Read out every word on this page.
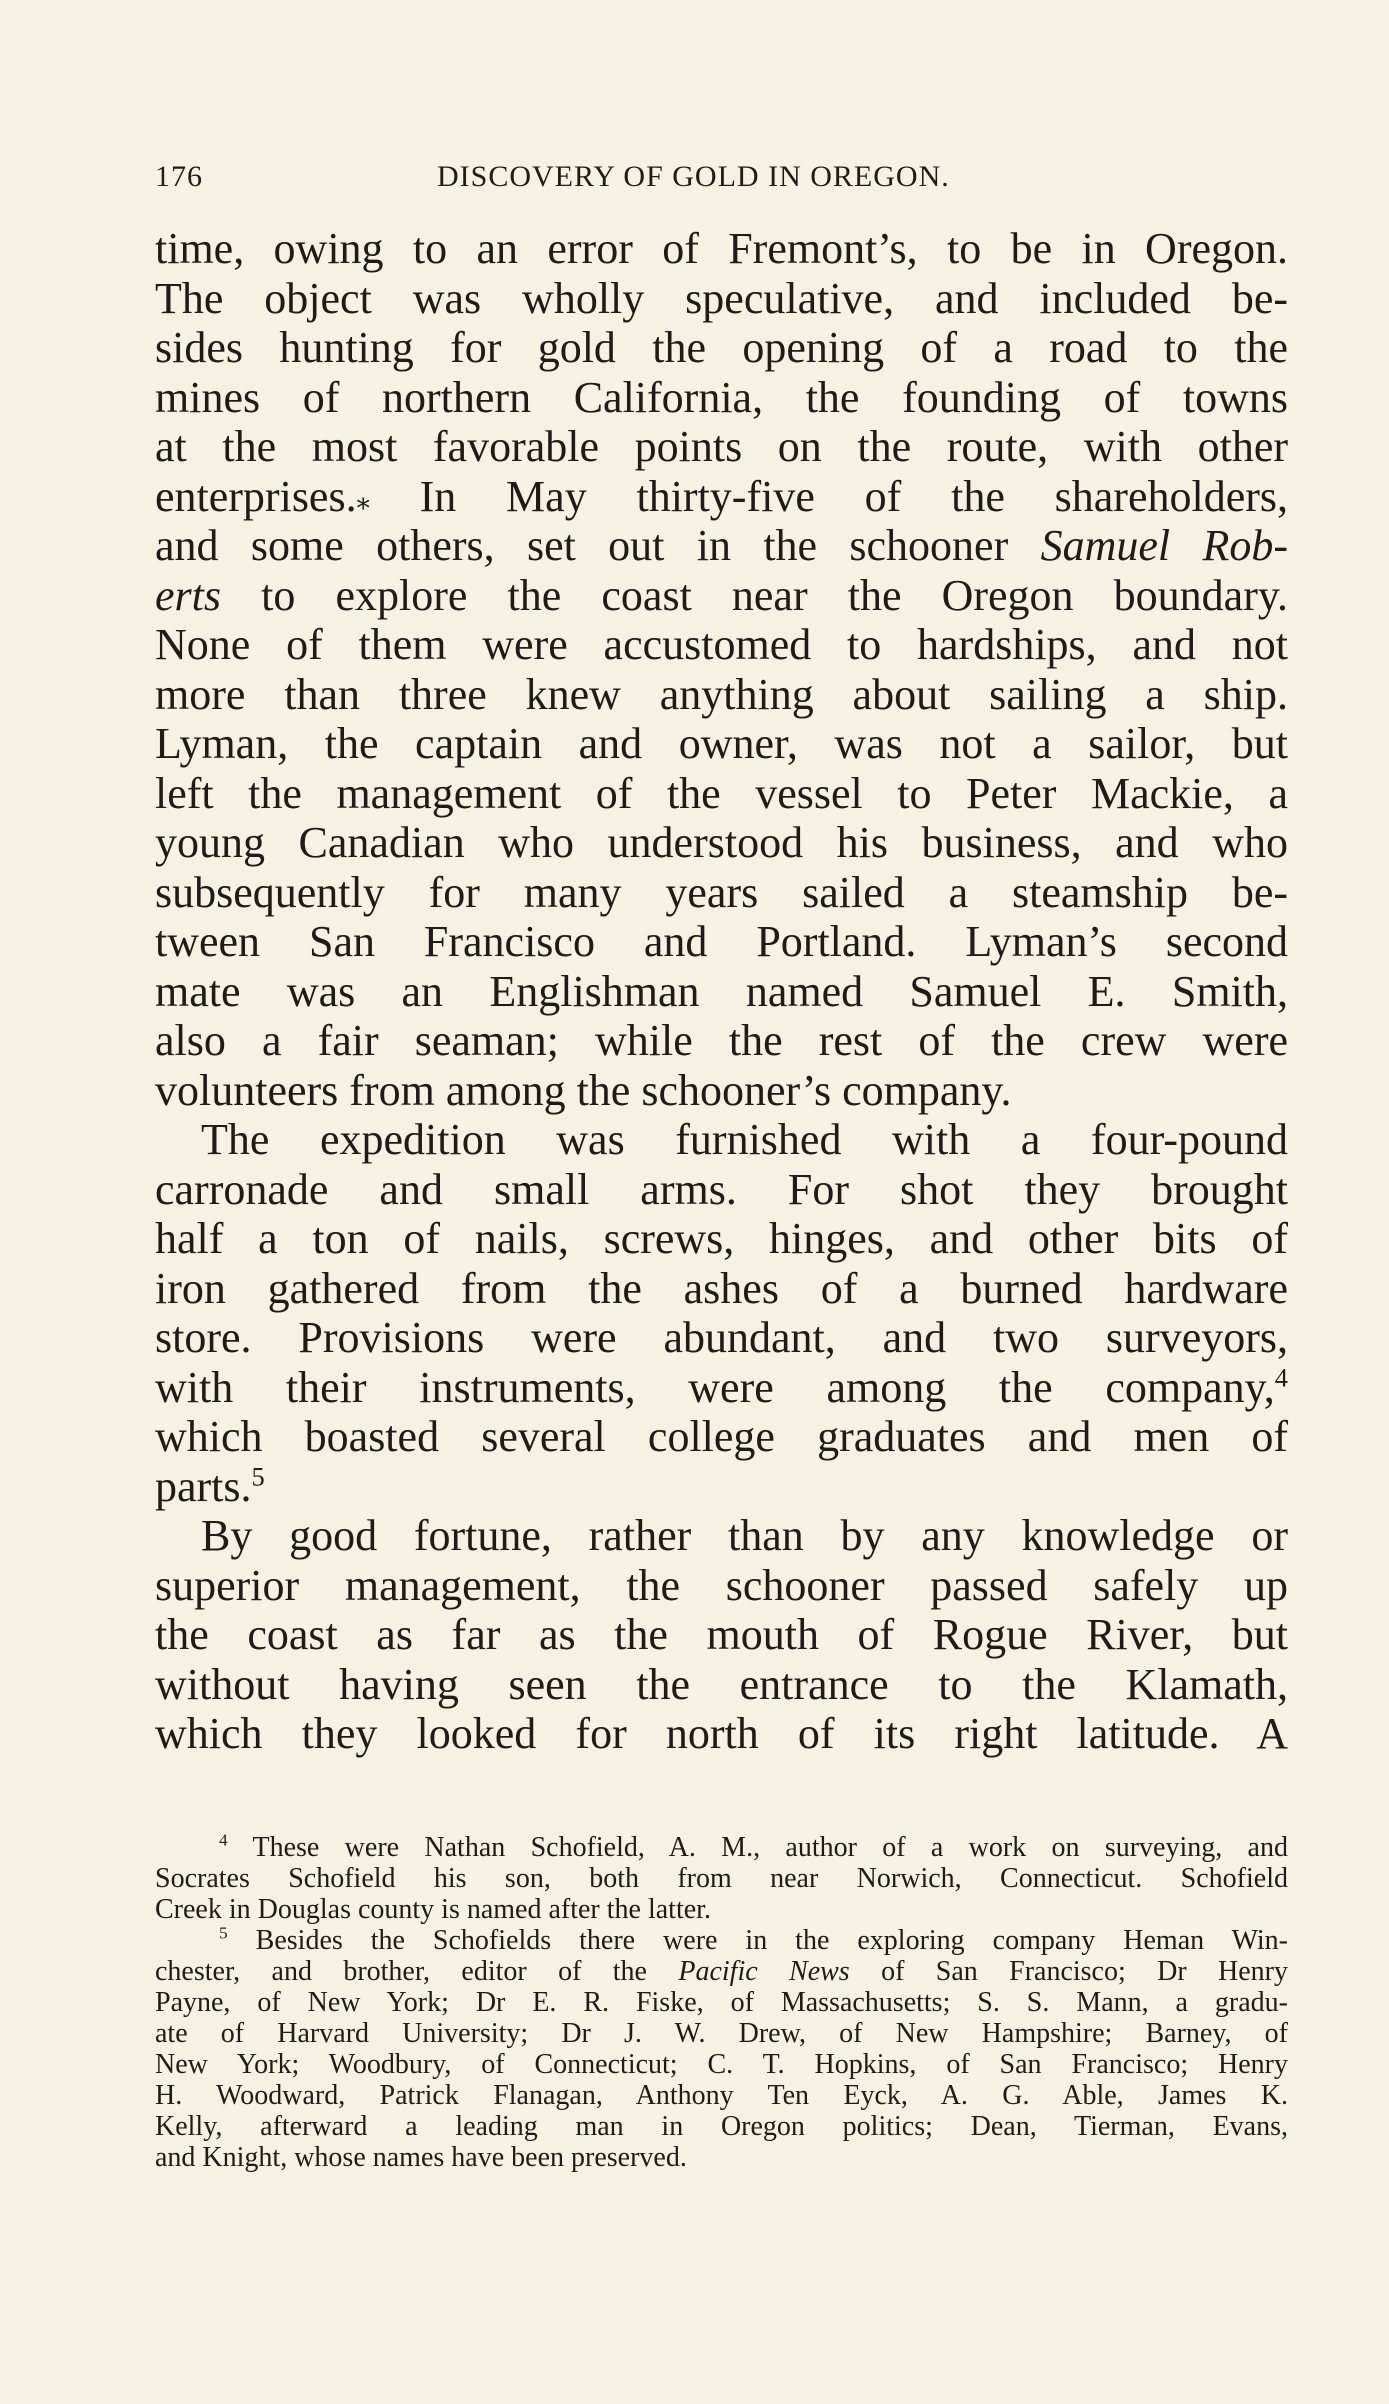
176	DISCOVERY OF GOLD IN OREGON.
time, owing to an error of Fremont’s, to be in Oregon.
The object was wholly speculative, and included be-
sides hunting for gold the opening of a road to the
mines of northern California, the founding of towns
at the most favorable points on the route, with other
enterprises.⁎ In May thirty-five of the shareholders,
and some others, set out in the schooner Samuel Rob-
erts to explore the coast near the Oregon boundary.
None of them were accustomed to hardships, and not
more than three knew anything about sailing a ship.
Lyman, the captain and owner, was not a sailor, but
left the management of the vessel to Peter Mackie, a
young Canadian who understood his business, and who
subsequently for many years sailed a steamship be-
tween San Francisco and Portland. Lyman’s second
mate was an Englishman named Samuel E. Smith,
also a fair seaman; while the rest of the crew were
volunteers from among the schooner’s company.
The expedition was furnished with a four-pound
carronade and small arms. For shot they brought
half a ton of nails, screws, hinges, and other bits of
iron gathered from the ashes of a burned hardware
store. Provisions were abundant, and two surveyors,
with their instruments, were among the company,$^4$
which boasted several college graduates and men of
parts.$^5$
By good fortune, rather than by any knowledge or
superior management, the schooner passed safely up
the coast as far as the mouth of Rogue River, but
without having seen the entrance to the Klamath,
which they looked for north of its right latitude. A
$^4$ These were Nathan Schofield, A. M., author of a work on surveying, and
Socrates Schofield his son, both from near Norwich, Connecticut. Schofield
Creek in Douglas county is named after the latter.
$^5$ Besides the Schofields there were in the exploring company Heman Win-
chester, and brother, editor of the Pacific News of San Francisco; Dr Henry
Payne, of New York; Dr E. R. Fiske, of Massachusetts; S. S. Mann, a gradu-
ate of Harvard University; Dr J. W. Drew, of New Hampshire; Barney, of
New York; Woodbury, of Connecticut; C. T. Hopkins, of San Francisco; Henry
H. Woodward, Patrick Flanagan, Anthony Ten Eyck, A. G. Able, James K.
Kelly, afterward a leading man in Oregon politics; Dean, Tierman, Evans,
and Knight, whose names have been preserved.
